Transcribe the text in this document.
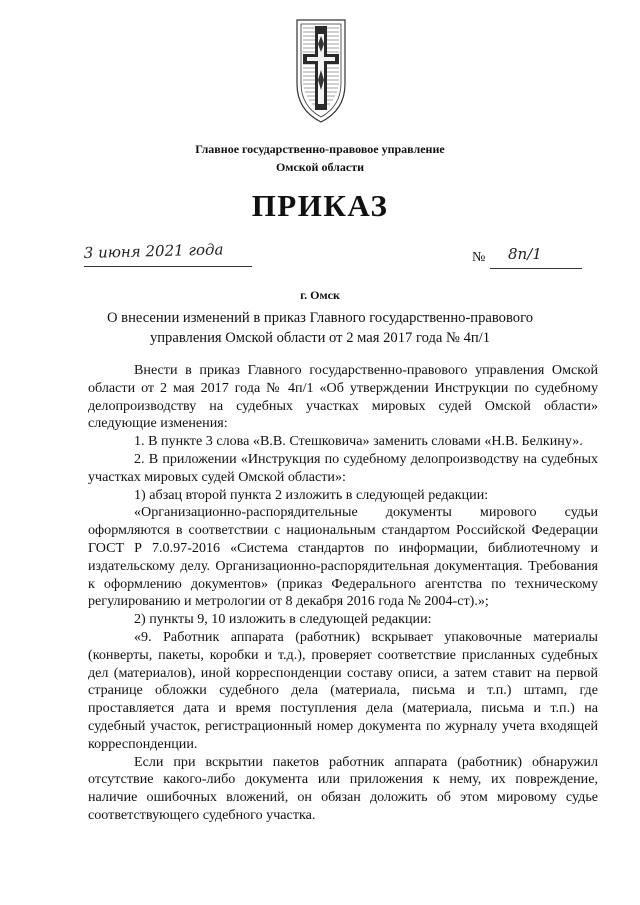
Главное государственно-правовое управление
Омской области
ПРИКАЗ
3 июня 2021 года	№ 8п/1
г. Омск
О внесении изменений в приказ Главного государственно-правового управления Омской области от 2 мая 2017 года № 4п/1

Внести в приказ Главного государственно-правового управления Омской области от 2 мая 2017 года № 4п/1 «Об утверждении Инструкции по судебному делопроизводству на судебных участках мировых судей Омской области» следующие изменения:

1. В пункте 3 слова «В.В. Стешковича» заменить словами «Н.В. Белкину».

2. В приложении «Инструкция по судебному делопроизводству на судебных участках мировых судей Омской области»:

1) абзац второй пункта 2 изложить в следующей редакции:

«Организационно-распорядительные документы мирового судьи оформляются в соответствии с национальным стандартом Российской Федерации ГОСТ Р 7.0.97-2016 «Система стандартов по информации, библиотечному и издательскому делу. Организационно-распорядительная документация. Требования к оформлению документов» (приказ Федерального агентства по техническому регулированию и метрологии от 8 декабря 2016 года № 2004-ст).»;

2) пункты 9, 10 изложить в следующей редакции:

«9. Работник аппарата (работник) вскрывает упаковочные материалы (конверты, пакеты, коробки и т.д.), проверяет соответствие присланных судебных дел (материалов), иной корреспонденции составу описи, а затем ставит на первой странице обложки судебного дела (материала, письма и т.п.) штамп, где проставляется дата и время поступления дела (материала, письма и т.п.) на судебный участок, регистрационный номер документа по журналу учета входящей корреспонденции.

Если при вскрытии пакетов работник аппарата (работник) обнаружил отсутствие какого-либо документа или приложения к нему, их повреждение, наличие ошибочных вложений, он обязан доложить об этом мировому судье соответствующего судебного участка.
